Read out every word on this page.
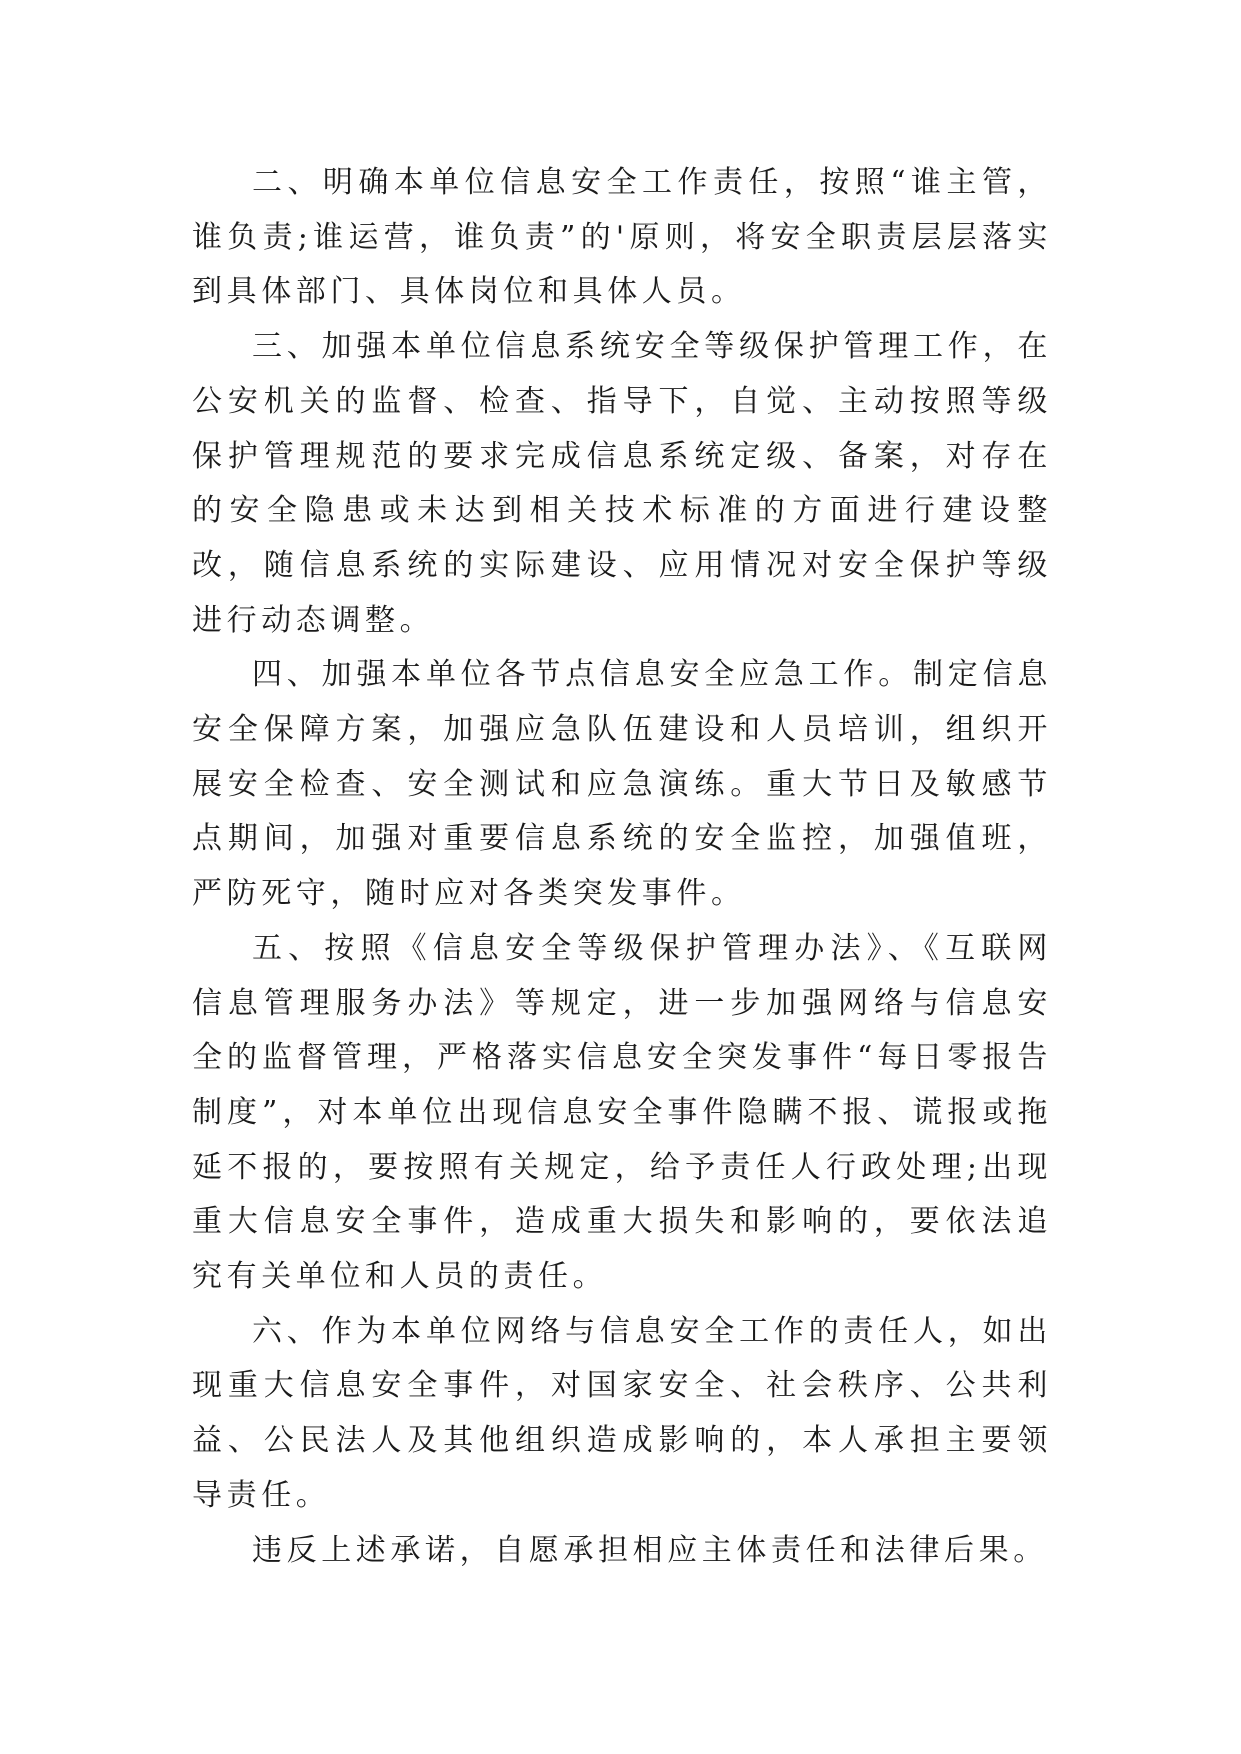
二、明确本单位信息安全工作责任，按照“谁主管，谁负责;谁运营，谁负责”的'原则，将安全职责层层落实到具体部门、具体岗位和具体人员。

三、加强本单位信息系统安全等级保护管理工作，在公安机关的监督、检查、指导下，自觉、主动按照等级保护管理规范的要求完成信息系统定级、备案，对存在的安全隐患或未达到相关技术标准的方面进行建设整改，随信息系统的实际建设、应用情况对安全保护等级进行动态调整。

四、加强本单位各节点信息安全应急工作。制定信息安全保障方案，加强应急队伍建设和人员培训，组织开展安全检查、安全测试和应急演练。重大节日及敏感节点期间，加强对重要信息系统的安全监控，加强值班，严防死守，随时应对各类突发事件。

五、按照《信息安全等级保护管理办法》、《互联网信息管理服务办法》等规定，进一步加强网络与信息安全的监督管理，严格落实信息安全突发事件“每日零报告制度”，对本单位出现信息安全事件隐瞒不报、谎报或拖延不报的，要按照有关规定，给予责任人行政处理;出现重大信息安全事件，造成重大损失和影响的，要依法追究有关单位和人员的责任。

六、作为本单位网络与信息安全工作的责任人，如出现重大信息安全事件，对国家安全、社会秩序、公共利益、公民法人及其他组织造成影响的，本人承担主要领导责任。

违反上述承诺，自愿承担相应主体责任和法律后果。
